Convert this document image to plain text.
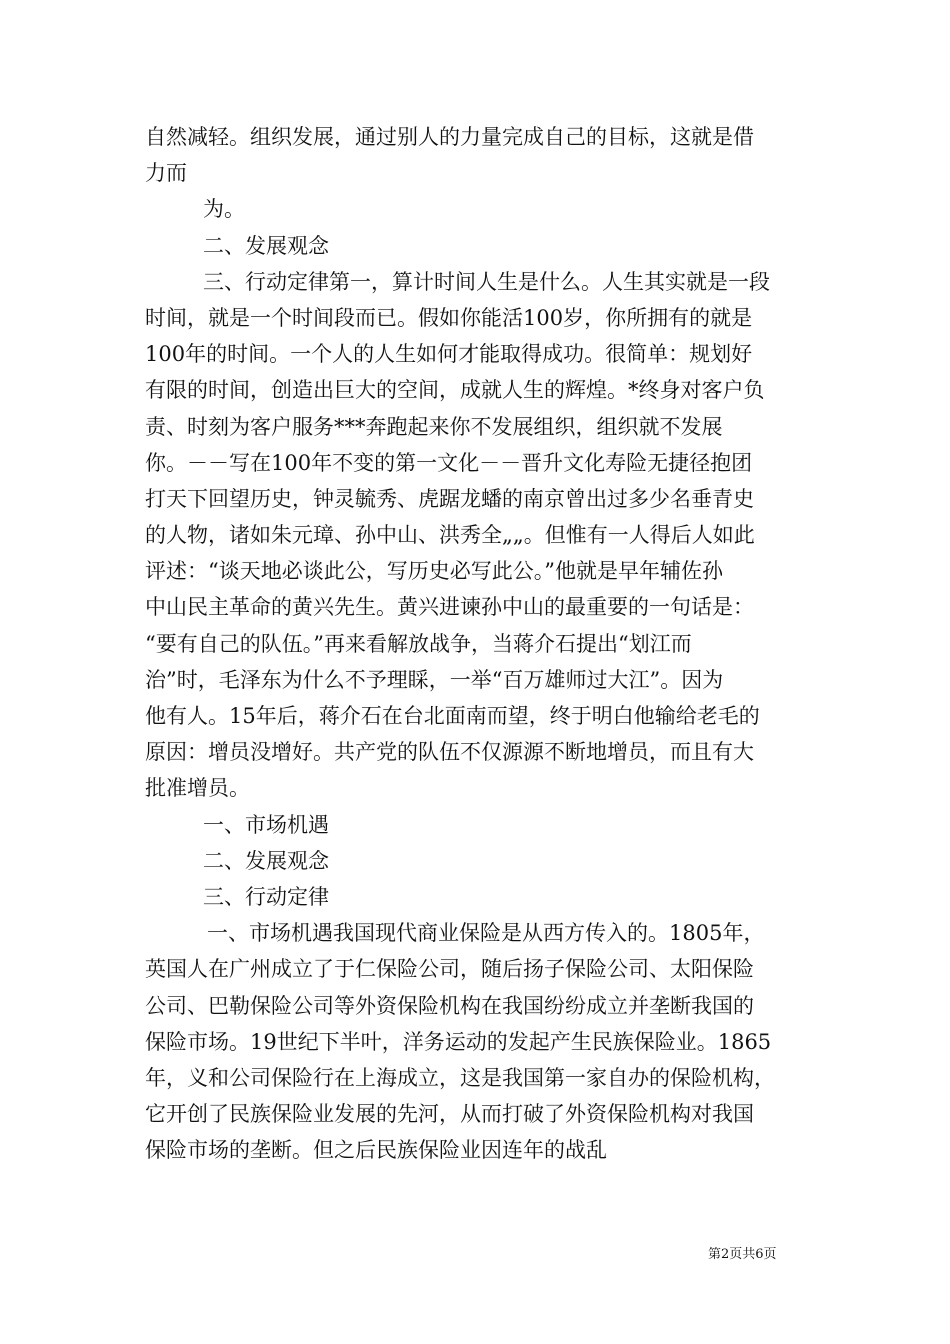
自然减轻。组织发展，通过别人的力量完成自己的目标，这就是借
力而
为。
二、发展观念
三、行动定律第一，算计时间人生是什么。人生其实就是一段
时间，就是一个时间段而已。假如你能活100岁，你所拥有的就是
100年的时间。一个人的人生如何才能取得成功。很简单：规划好
有限的时间，创造出巨大的空间，成就人生的辉煌。*终身对客户负
责、时刻为客户服务***奔跑起来你不发展组织，组织就不发展
你。－－写在100年不变的第一文化－－晋升文化寿险无捷径抱团
打天下回望历史，钟灵毓秀、虎踞龙蟠的南京曾出过多少名垂青史
的人物，诸如朱元璋、孙中山、洪秀全„„。但惟有一人得后人如此
评述：“谈天地必谈此公，写历史必写此公。”他就是早年辅佐孙
中山民主革命的黄兴先生。黄兴进谏孙中山的最重要的一句话是：
“要有自己的队伍。”再来看解放战争，当蒋介石提出“划江而
治”时，毛泽东为什么不予理睬，一举“百万雄师过大江”。因为
他有人。15年后，蒋介石在台北面南而望，终于明白他输给老毛的
原因：增员没增好。共产党的队伍不仅源源不断地增员，而且有大
批准增员。
一、市场机遇
二、发展观念
三、行动定律
一、市场机遇我国现代商业保险是从西方传入的。1805年，
英国人在广州成立了于仁保险公司，随后扬子保险公司、太阳保险
公司、巴勒保险公司等外资保险机构在我国纷纷成立并垄断我国的
保险市场。19世纪下半叶，洋务运动的发起产生民族保险业。1865
年，义和公司保险行在上海成立，这是我国第一家自办的保险机构，
它开创了民族保险业发展的先河，从而打破了外资保险机构对我国
保险市场的垄断。但之后民族保险业因连年的战乱
第2页共6页
